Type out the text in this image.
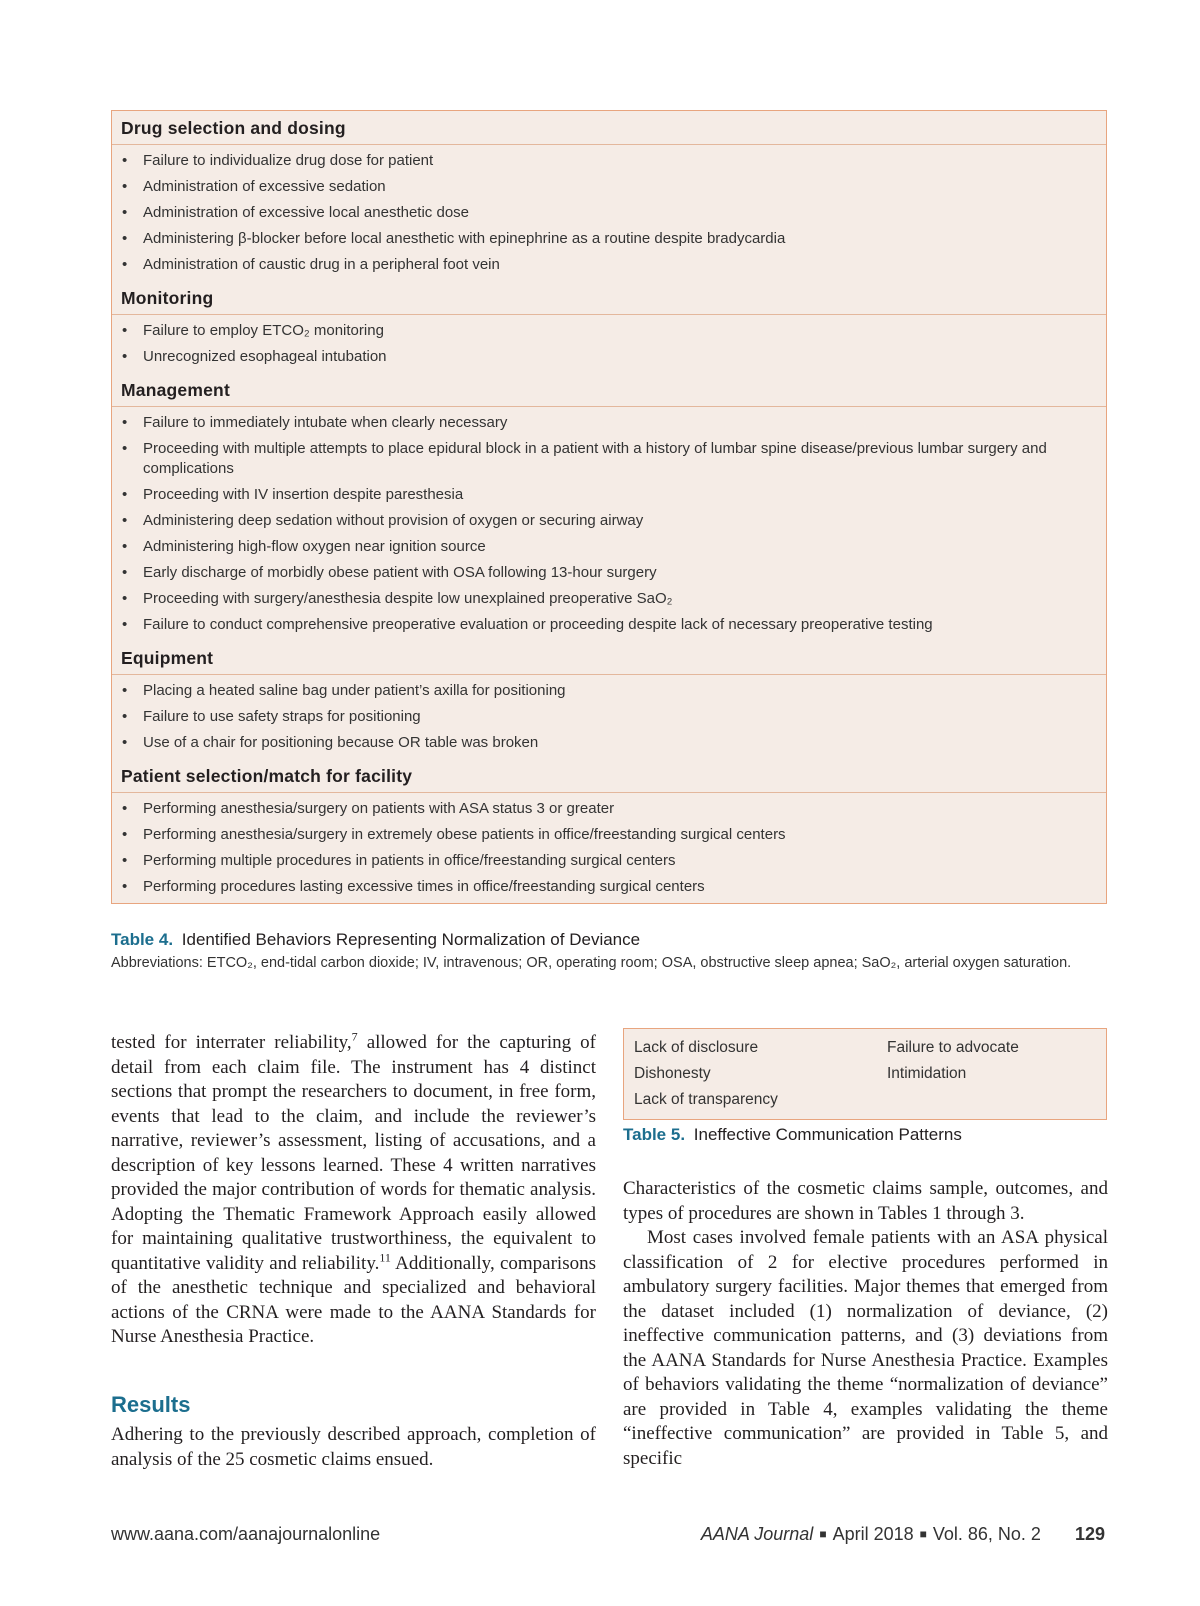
Drug selection and dosing
• Failure to individualize drug dose for patient
• Administration of excessive sedation
• Administration of excessive local anesthetic dose
• Administering β-blocker before local anesthetic with epinephrine as a routine despite bradycardia
• Administration of caustic drug in a peripheral foot vein
Monitoring
• Failure to employ ETCO₂ monitoring
• Unrecognized esophageal intubation
Management
• Failure to immediately intubate when clearly necessary
• Proceeding with multiple attempts to place epidural block in a patient with a history of lumbar spine disease/previous lumbar surgery and complications
• Proceeding with IV insertion despite paresthesia
• Administering deep sedation without provision of oxygen or securing airway
• Administering high-flow oxygen near ignition source
• Early discharge of morbidly obese patient with OSA following 13-hour surgery
• Proceeding with surgery/anesthesia despite low unexplained preoperative SaO₂
• Failure to conduct comprehensive preoperative evaluation or proceeding despite lack of necessary preoperative testing
Equipment
• Placing a heated saline bag under patient’s axilla for positioning
• Failure to use safety straps for positioning
• Use of a chair for positioning because OR table was broken
Patient selection/match for facility
• Performing anesthesia/surgery on patients with ASA status 3 or greater
• Performing anesthesia/surgery in extremely obese patients in office/freestanding surgical centers
• Performing multiple procedures in patients in office/freestanding surgical centers
• Performing procedures lasting excessive times in office/freestanding surgical centers
Table 4. Identified Behaviors Representing Normalization of Deviance
Abbreviations: ETCO₂, end-tidal carbon dioxide; IV, intravenous; OR, operating room; OSA, obstructive sleep apnea; SaO₂, arterial oxygen saturation.

tested for interrater reliability,$^7$ allowed for the capturing of detail from each claim file. The instrument has 4 distinct sections that prompt the researchers to document, in free form, events that lead to the claim, and include the reviewer’s narrative, reviewer’s assessment, listing of accusations, and a description of key lessons learned. These 4 written narratives provided the major contribution of words for thematic analysis. Adopting the Thematic Framework Approach easily allowed for maintaining qualitative trustworthiness, the equivalent to quantitative validity and reliability.$^{11}$ Additionally, comparisons of the anesthetic technique and specialized and behavioral actions of the CRNA were made to the AANA Standards for Nurse Anesthesia Practice.

Results

Adhering to the previously described approach, completion of analysis of the 25 cosmetic claims ensued.

Lack of disclosure	Failure to advocate
Dishonesty	Intimidation
Lack of transparency
Table 5. Ineffective Communication Patterns

Characteristics of the cosmetic claims sample, outcomes, and types of procedures are shown in Tables 1 through 3.

Most cases involved female patients with an ASA physical classification of 2 for elective procedures performed in ambulatory surgery facilities. Major themes that emerged from the dataset included (1) normalization of deviance, (2) ineffective communication patterns, and (3) deviations from the AANA Standards for Nurse Anesthesia Practice. Examples of behaviors validating the theme “normalization of deviance” are provided in Table 4, examples validating the theme “ineffective communication” are provided in Table 5, and specific

www.aana.com/aanajournalonline	AANA Journal ■ April 2018 ■ Vol. 86, No. 2 129
